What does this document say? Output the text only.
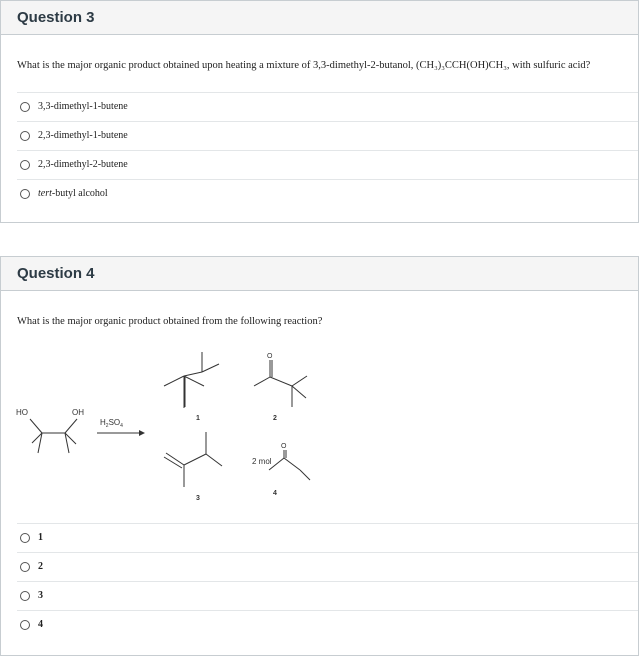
Question 3
What is the major organic product obtained upon heating a mixture of 3,3-dimethyl-2-butanol, (CH₃)₃CCH(OH)CH₃, with sulfuric acid?
3,3-dimethyl-1-butene
2,3-dimethyl-1-butene
2,3-dimethyl-2-butene
tert-butyl alcohol
Question 4
What is the major organic product obtained from the following reaction?
1
2
3
4
HO	OH
$H_2SO_4$
O
O
2 mol
1	2
3
4
